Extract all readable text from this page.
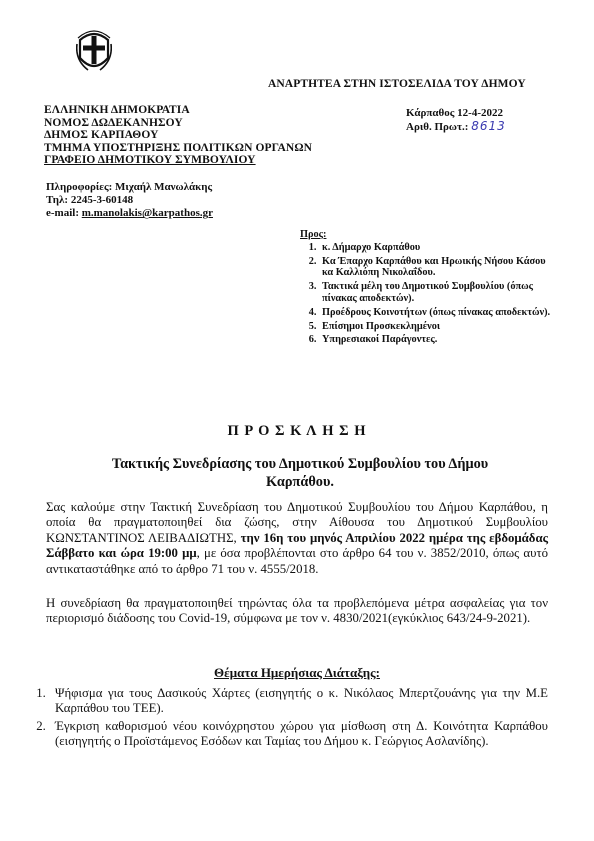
ΑΝΑΡΤΗΤΕΑ ΣΤΗΝ ΙΣΤΟΣΕΛΙΔΑ ΤΟΥ ΔΗΜΟΥ
ΕΛΛΗΝΙΚΗ ΔΗΜΟΚΡΑΤΙΑ
ΝΟΜΟΣ ΔΩΔΕΚΑΝΗΣΟΥ
ΔΗΜΟΣ ΚΑΡΠΑΘΟΥ
ΤΜΗΜΑ ΥΠΟΣΤΗΡΙΞΗΣ ΠΟΛΙΤΙΚΩΝ ΟΡΓΑΝΩΝ
ΓΡΑΦΕΙΟ ΔΗΜΟΤΙΚΟΥ ΣΥΜΒΟΥΛΙΟΥ
Κάρπαθος 12-4-2022
Αριθ. Πρωτ.: 8613
Πληροφορίες: Μιχαήλ Μανωλάκης
Τηλ: 2245-3-60148
e-mail: m.manolakis@karpathos.gr
Προς:
1. κ. Δήμαρχο Καρπάθου
2. Κα Έπαρχο Καρπάθου και Ηρωικής Νήσου Κάσου κα Καλλιόπη Νικολαΐδου.
3. Τακτικά μέλη του Δημοτικού Συμβουλίου (όπως πίνακας αποδεκτών).
4. Προέδρους Κοινοτήτων (όπως πίνακας αποδεκτών).
5. Επίσημοι Προσκεκλημένοι
6. Υπηρεσιακοί Παράγοντες.
Π Ρ Ο Σ Κ Λ Η Σ Η
Τακτικής Συνεδρίασης του Δημοτικού Συμβουλίου του Δήμου Καρπάθου.
Σας καλούμε στην Τακτική Συνεδρίαση του Δημοτικού Συμβουλίου του Δήμου Καρπάθου, η οποία θα πραγματοποιηθεί δια ζώσης, στην Αίθουσα του Δημοτικού Συμβουλίου ΚΩΝΣΤΑΝΤΙΝΟΣ ΛΕΙΒΑΔΙΩΤΗΣ, την 16η του μηνός Απριλίου 2022 ημέρα της εβδομάδας Σάββατο και ώρα 19:00 μμ, με όσα προβλέπονται στο άρθρο 64 του ν. 3852/2010, όπως αυτό αντικαταστάθηκε από το άρθρο 71 του ν. 4555/2018.
Η συνεδρίαση θα πραγματοποιηθεί τηρώντας όλα τα προβλεπόμενα μέτρα ασφαλείας για τον περιορισμό διάδοσης του Covid-19, σύμφωνα με τον ν. 4830/2021(εγκύκλιος 643/24-9-2021).
Θέματα Ημερήσιας Διάταξης:
1. Ψήφισμα για τους Δασικούς Χάρτες (εισηγητής ο κ. Νικόλαος Μπερτζουάνης για την Μ.Ε Καρπάθου του ΤΕΕ).
2. Έγκριση καθορισμού νέου κοινόχρηστου χώρου για μίσθωση στη Δ. Κοινότητα Καρπάθου (εισηγητής ο Προϊστάμενος Εσόδων και Ταμίας του Δήμου κ. Γεώργιος Ασλανίδης).
